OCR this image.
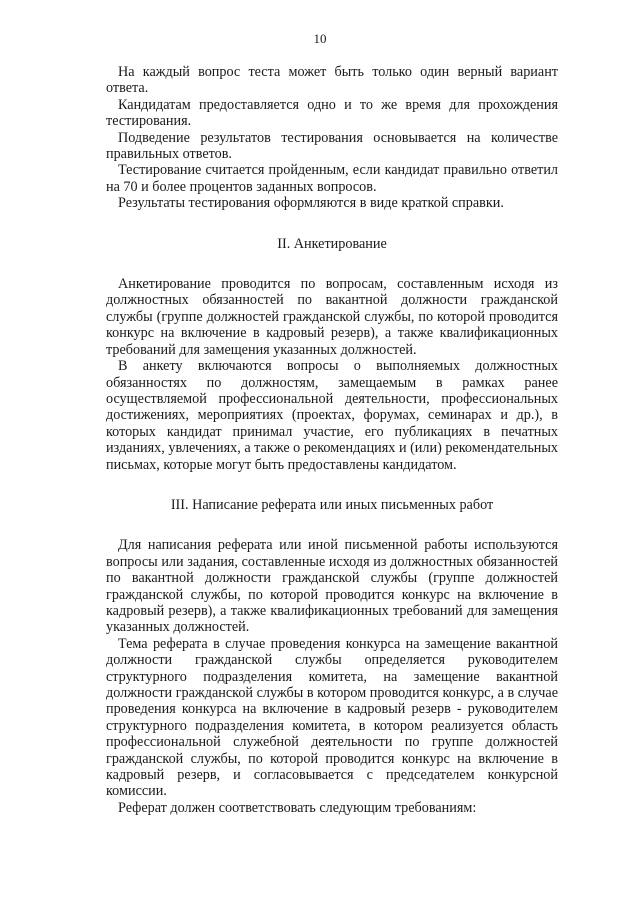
10

На каждый вопрос теста может быть только один верный вариант ответа.

Кандидатам предоставляется одно и то же время для прохождения тестирования.

Подведение результатов тестирования основывается на количестве правильных ответов.

Тестирование считается пройденным, если кандидат правильно ответил на 70 и более процентов заданных вопросов.

Результаты тестирования оформляются в виде краткой справки.

II. Анкетирование

Анкетирование проводится по вопросам, составленным исходя из должностных обязанностей по вакантной должности гражданской службы (группе должностей гражданской службы, по которой проводится конкурс на включение в кадровый резерв), а также квалификационных требований для замещения указанных должностей.

В анкету включаются вопросы о выполняемых должностных обязанностях по должностям, замещаемым в рамках ранее осуществляемой профессиональной деятельности, профессиональных достижениях, мероприятиях (проектах, форумах, семинарах и др.), в которых кандидат принимал участие, его публикациях в печатных изданиях, увлечениях, а также о рекомендациях и (или) рекомендательных письмах, которые могут быть предоставлены кандидатом.

III. Написание реферата или иных письменных работ

Для написания реферата или иной письменной работы используются вопросы или задания, составленные исходя из должностных обязанностей по вакантной должности гражданской службы (группе должностей гражданской службы, по которой проводится конкурс на включение в кадровый резерв), а также квалификационных требований для замещения указанных должностей.

Тема реферата в случае проведения конкурса на замещение вакантной должности гражданской службы определяется руководителем структурного подразделения комитета, на замещение вакантной должности гражданской службы в котором проводится конкурс, а в случае проведения конкурса на включение в кадровый резерв - руководителем структурного подразделения комитета, в котором реализуется область профессиональной служебной деятельности по группе должностей гражданской службы, по которой проводится конкурс на включение в кадровый резерв, и согласовывается с председателем конкурсной комиссии.

Реферат должен соответствовать следующим требованиям:
